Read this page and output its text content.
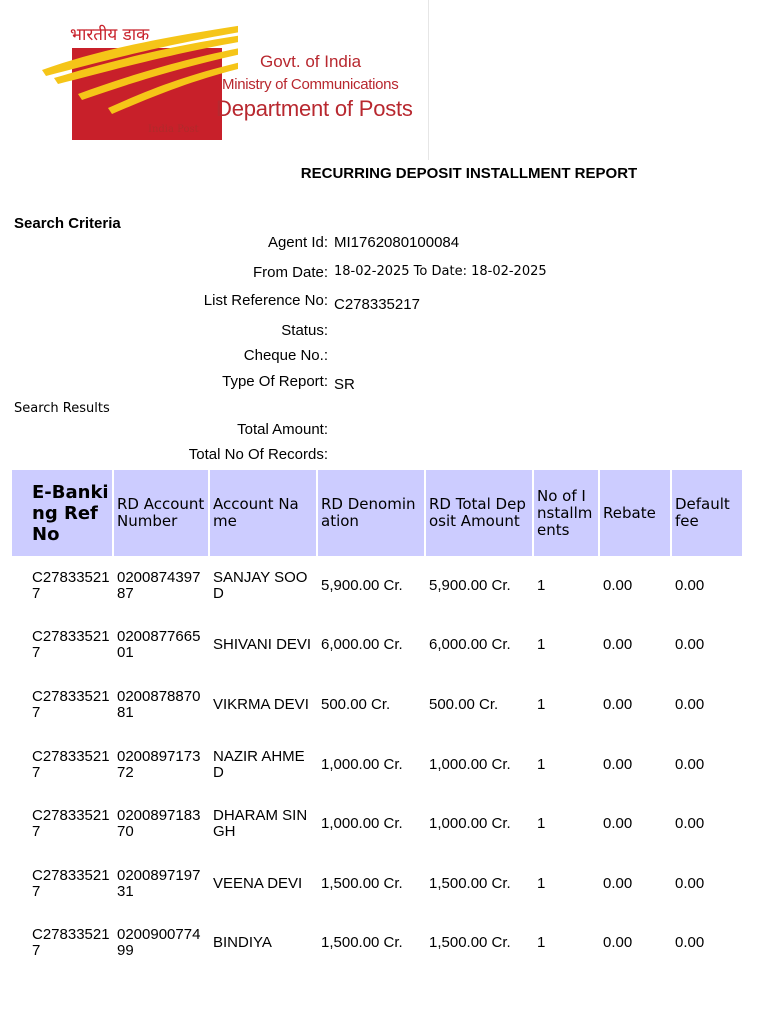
भारतीय डाक
India Post
Govt. of India
Ministry of Communications
Department of Posts
RECURRING DEPOSIT INSTALLMENT REPORT
Search Criteria
Agent Id: MI1762080100084
From Date: 18-02-2025 To Date: 18-02-2025
List Reference No: C278335217
Status:
Cheque No.:
Type Of Report: SR
Search Results
Total Amount:
Total No Of Records:
E-Banking Ref No	RD Account Number	Account Name	RD Denomination	RD Total Deposit Amount	No of Installments	Rebate	Default fee
C278335217	020087439787	SANJAY SOOD	5,900.00 Cr.	5,900.00 Cr.	1	0.00	0.00
C278335217	020087766501	SHIVANI DEVI	6,000.00 Cr.	6,000.00 Cr.	1	0.00	0.00
C278335217	020087887081	VIKRMA DEVI	500.00 Cr.	500.00 Cr.	1	0.00	0.00
C278335217	020089717372	NAZIR AHMED	1,000.00 Cr.	1,000.00 Cr.	1	0.00	0.00
C278335217	020089718370	DHARAM SINGH	1,000.00 Cr.	1,000.00 Cr.	1	0.00	0.00
C278335217	020089719731	VEENA DEVI	1,500.00 Cr.	1,500.00 Cr.	1	0.00	0.00
C278335217	020090077499	BINDIYA	1,500.00 Cr.	1,500.00 Cr.	1	0.00	0.00
